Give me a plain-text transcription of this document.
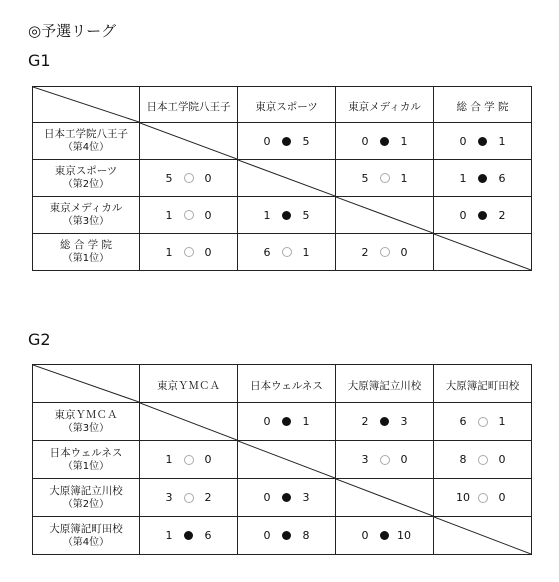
◎予選リーグ
G1
	日本工学院八王子	東京スポーツ	東京メディカル	総 合 学 院

日本工学院八王子
（第4位）		0 5	0 1	0 1

東京スポーツ
（第2位）	5 0		5 1	1 6

東京メディカル
（第3位）	1 0	1 5		0 2

総 合 学 院
（第1位）	1 0	6 1	2 0

G2
	東京ＹＭＣＡ	日本ウェルネス	大原簿記立川校	大原簿記町田校

東京ＹＭＣＡ
（第3位）		0 1	2 3	6 1

日本ウェルネス
（第1位）	1 0		3 0	8 0

大原簿記立川校
（第2位）	3 2	0 3		10 0

大原簿記町田校
（第4位）	1 6	0 8	0 10
